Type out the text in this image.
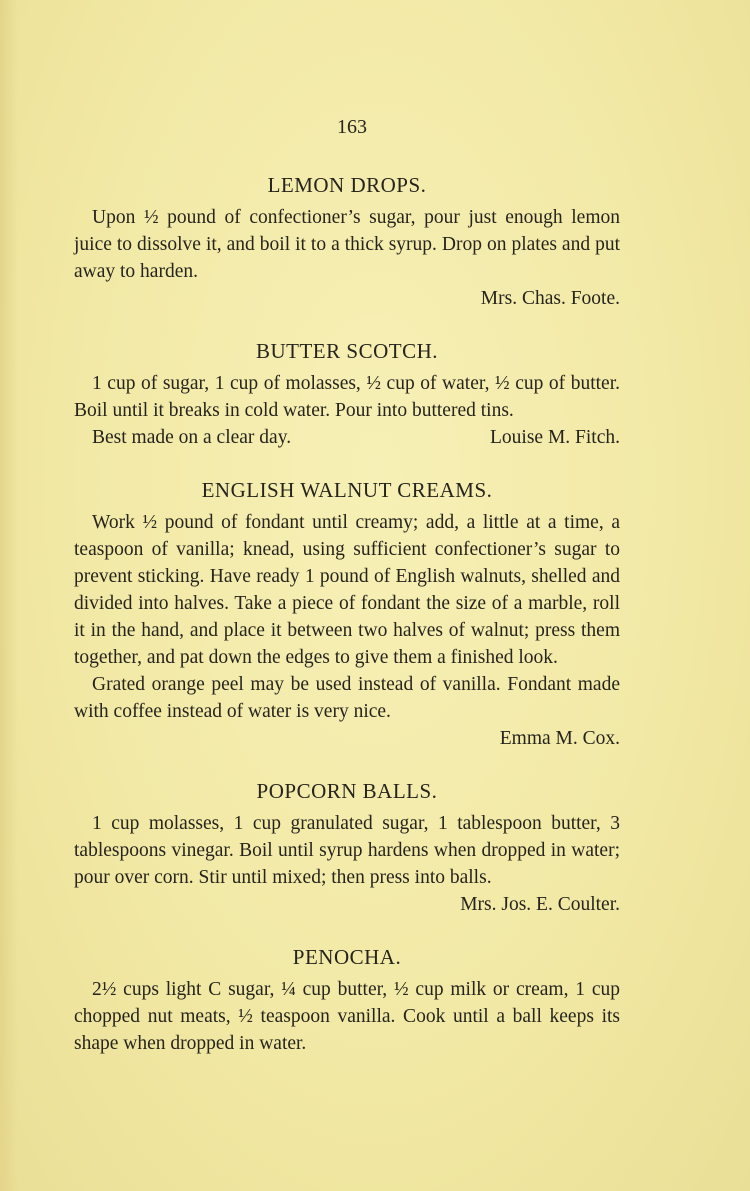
163
LEMON DROPS.

Upon ½ pound of confectioner’s sugar, pour just enough lemon juice to dissolve it, and boil it to a thick syrup. Drop on plates and put away to harden.

Mrs. Chas. Foote.

BUTTER SCOTCH.

1 cup of sugar, 1 cup of molasses, ½ cup of water, ½ cup of butter. Boil until it breaks in cold water. Pour into buttered tins.

Best made on a clear day.	Louise M. Fitch.
ENGLISH WALNUT CREAMS.

Work ½ pound of fondant until creamy; add, a little at a time, a teaspoon of vanilla; knead, using sufficient confectioner’s sugar to prevent sticking. Have ready 1 pound of English walnuts, shelled and divided into halves. Take a piece of fondant the size of a marble, roll it in the hand, and place it between two halves of walnut; press them together, and pat down the edges to give them a finished look.

Grated orange peel may be used instead of vanilla. Fondant made with coffee instead of water is very nice.

Emma M. Cox.

POPCORN BALLS.

1 cup molasses, 1 cup granulated sugar, 1 tablespoon butter, 3 tablespoons vinegar. Boil until syrup hardens when dropped in water; pour over corn. Stir until mixed; then press into balls.

Mrs. Jos. E. Coulter.

PENOCHA.

2½ cups light C sugar, ¼ cup butter, ½ cup milk or cream, 1 cup chopped nut meats, ½ teaspoon vanilla. Cook until a ball keeps its shape when dropped in water.
